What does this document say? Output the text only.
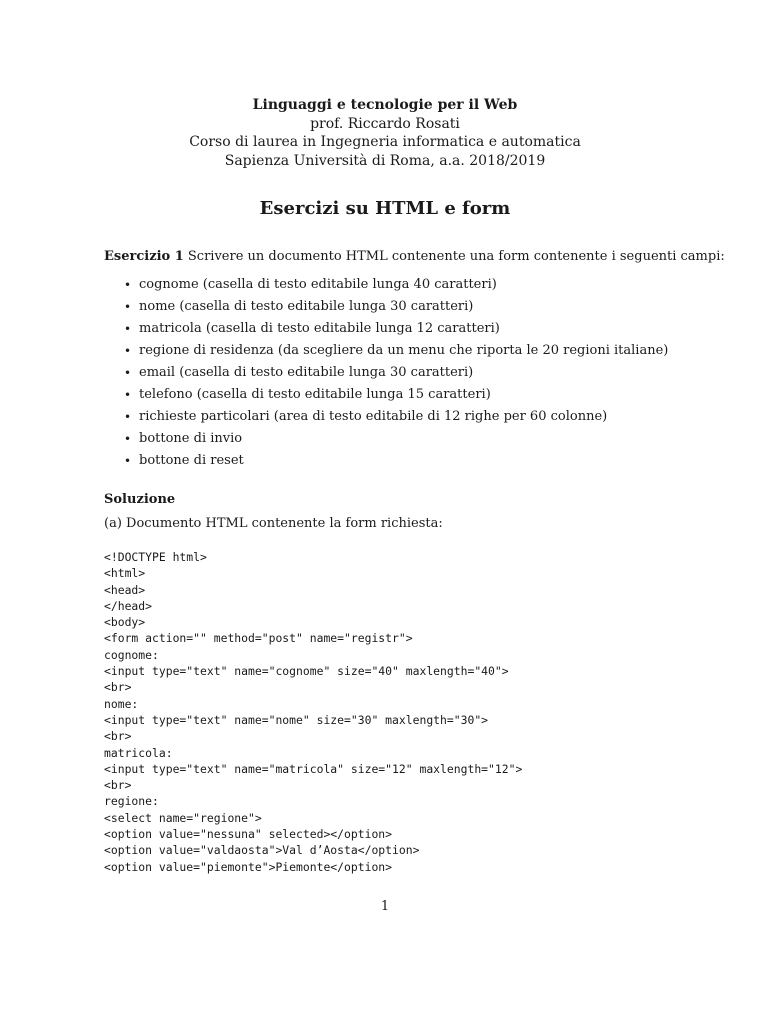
Linguaggi e tecnologie per il Web
prof. Riccardo Rosati
Corso di laurea in Ingegneria informatica e automatica
Sapienza Università di Roma, a.a. 2018/2019
Esercizi su HTML e form
Esercizio 1 Scrivere un documento HTML contenente una form contenente i seguenti campi:
• cognome (casella di testo editabile lunga 40 caratteri)
• nome (casella di testo editabile lunga 30 caratteri)
• matricola (casella di testo editabile lunga 12 caratteri)
• regione di residenza (da scegliere da un menu che riporta le 20 regioni italiane)
• email (casella di testo editabile lunga 30 caratteri)
• telefono (casella di testo editabile lunga 15 caratteri)
• richieste particolari (area di testo editabile di 12 righe per 60 colonne)
• bottone di invio
• bottone di reset
Soluzione
(a) Documento HTML contenente la form richiesta:
<!DOCTYPE html>
<html>
<head>
</head>
<body>
<form action="" method="post" name="registr">
cognome:
<input type="text" name="cognome" size="40" maxlength="40">
<br>
nome:
<input type="text" name="nome" size="30" maxlength="30">
<br>
matricola:
<input type="text" name="matricola" size="12" maxlength="12">
<br>
regione:
<select name="regione">
<option value="nessuna" selected></option>
<option value="valdaosta">Val d’Aosta</option>
<option value="piemonte">Piemonte</option>
1
